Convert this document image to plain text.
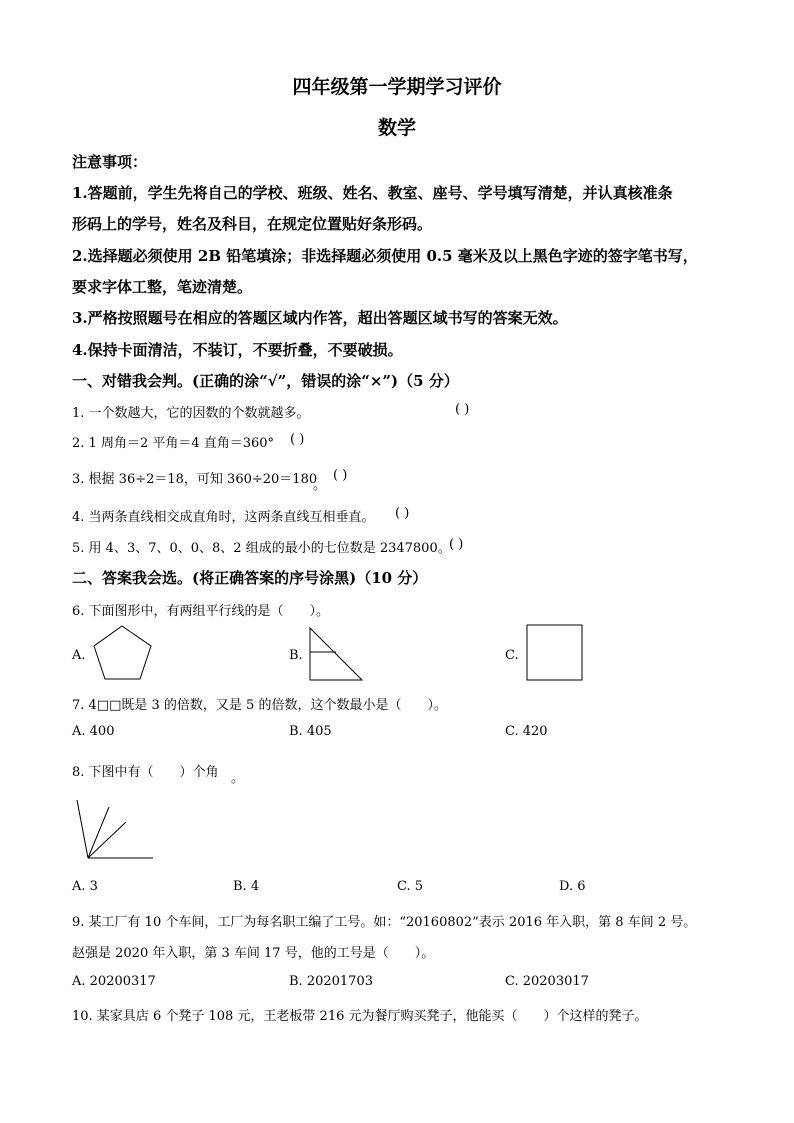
四年级第一学期学习评价
数学
注意事项：
1.答题前，学生先将自己的学校、班级、姓名、教室、座号、学号填写清楚，并认真核准条
形码上的学号，姓名及科目，在规定位置贴好条形码。
2.选择题必须使用 2B 铅笔填涂；非选择题必须使用 0.5 毫米及以上黑色字迹的签字笔书写，
要求字体工整，笔迹清楚。
3.严格按照题号在相应的答题区域内作答，超出答题区域书写的答案无效。
4.保持卡面清洁，不装订，不要折叠，不要破损。
一、对错我会判。(正确的涂“√”，错误的涂“×”)（5 分）
1. 一个数越大，它的因数的个数就越多。	( )
2. 1 周角＝2 平角＝4 直角＝360° ( )
3. 根据 36÷2＝18，可知 360÷20＝180
。
( )
4. 当两条直线相交成直角时，这两条直线互相垂直。 ( )
5. 用 4、3、7、0、0、8、2 组成的最小的七位数是 2347800。
( )
二、答案我会选。(将正确答案的序号涂黑)（10 分）
6. 下面图形中，有两组平行线的是（　　）。
A.	B.	C.
7. 4□□既是 3 的倍数，又是 5 的倍数，这个数最小是（　　）。
A. 400	B. 405	C. 420
8. 下图中有（　　）个角 。
A. 3	B. 4	C. 5	D. 6
9. 某工厂有 10 个车间，工厂为每名职工编了工号。如：“20160802”表示 2016 年入职，第 8 车间 2 号。
赵强是 2020 年入职，第 3 车间 17 号，他的工号是（　　）。
A. 20200317	B. 20201703	C. 20203017
10. 某家具店 6 个凳子 108 元，王老板带 216 元为餐厅购买凳子，他能买（　　）个这样的凳子。
